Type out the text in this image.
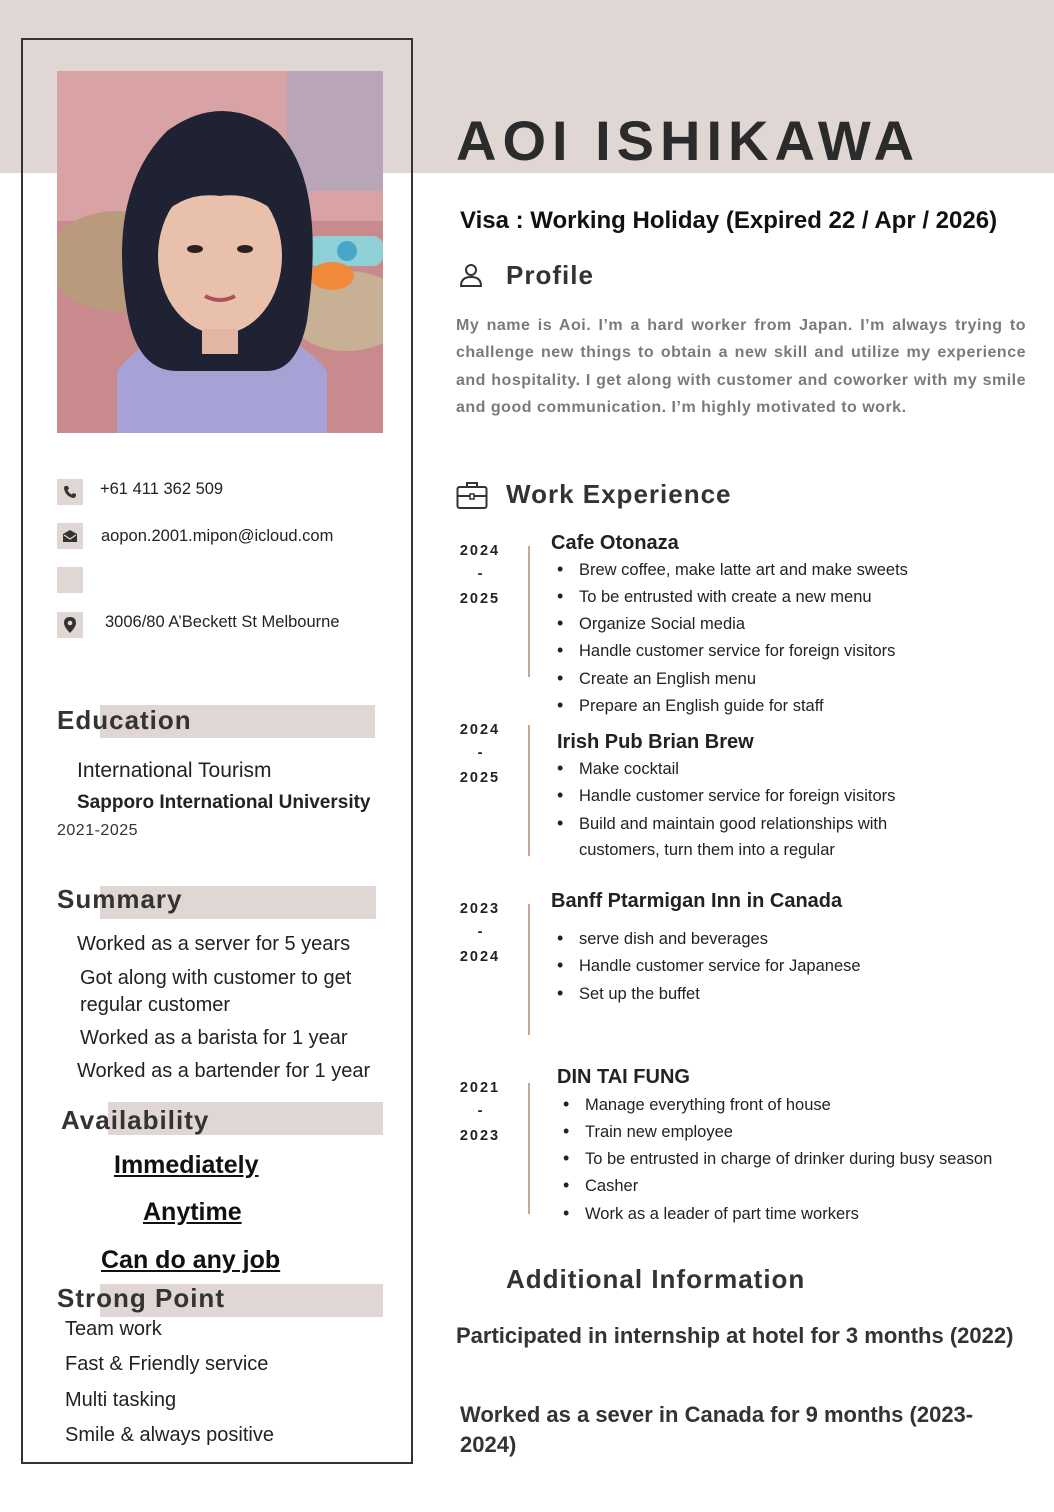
AOI ISHIKAWA
Visa : Working Holiday (Expired 22 / Apr / 2026)
Profile
My name is Aoi. I’m a hard worker from Japan. I’m always trying to challenge new things to obtain a new skill and utilize my experience and hospitality. I get along with customer and coworker with my smile and good communication. I’m highly motivated to work.
+61 411 362 509
aopon.2001.mipon@icloud.com
3006/80 A’Beckett St Melbourne
Education
International Tourism
Sapporo International University
2021-2025
Summary
Worked as a server for 5 years
Got along with customer to get
regular customer
Worked as a barista for 1 year
Worked as a bartender for 1 year
Availability
Immediately
Anytime
Can do any job
Strong Point
Team work
Fast & Friendly service
Multi tasking
Smile & always positive
Work Experience
2024
-
2025
Cafe Otonaza
• Brew coffee, make latte art and make sweets
• To be entrusted with create a new menu
• Organize Social media
• Handle customer service for foreign visitors
• Create an English menu
• Prepare an English guide for staff
2024
-
2025
Irish Pub Brian Brew
• Make cocktail
• Handle customer service for foreign visitors
• Build and maintain good relationships with
customers, turn them into a regular
2023
-
2024
Banff Ptarmigan Inn in Canada
• serve dish and beverages
• Handle customer service for Japanese
• Set up the buffet
2021
-
2023
DIN TAI FUNG
• Manage everything front of house
• Train new employee
• To be entrusted in charge of drinker during busy season
• Casher
• Work as a leader of part time workers
Additional Information
Participated in internship at hotel for 3 months (2022)
Worked as a sever in Canada for 9 months (2023-2024)
